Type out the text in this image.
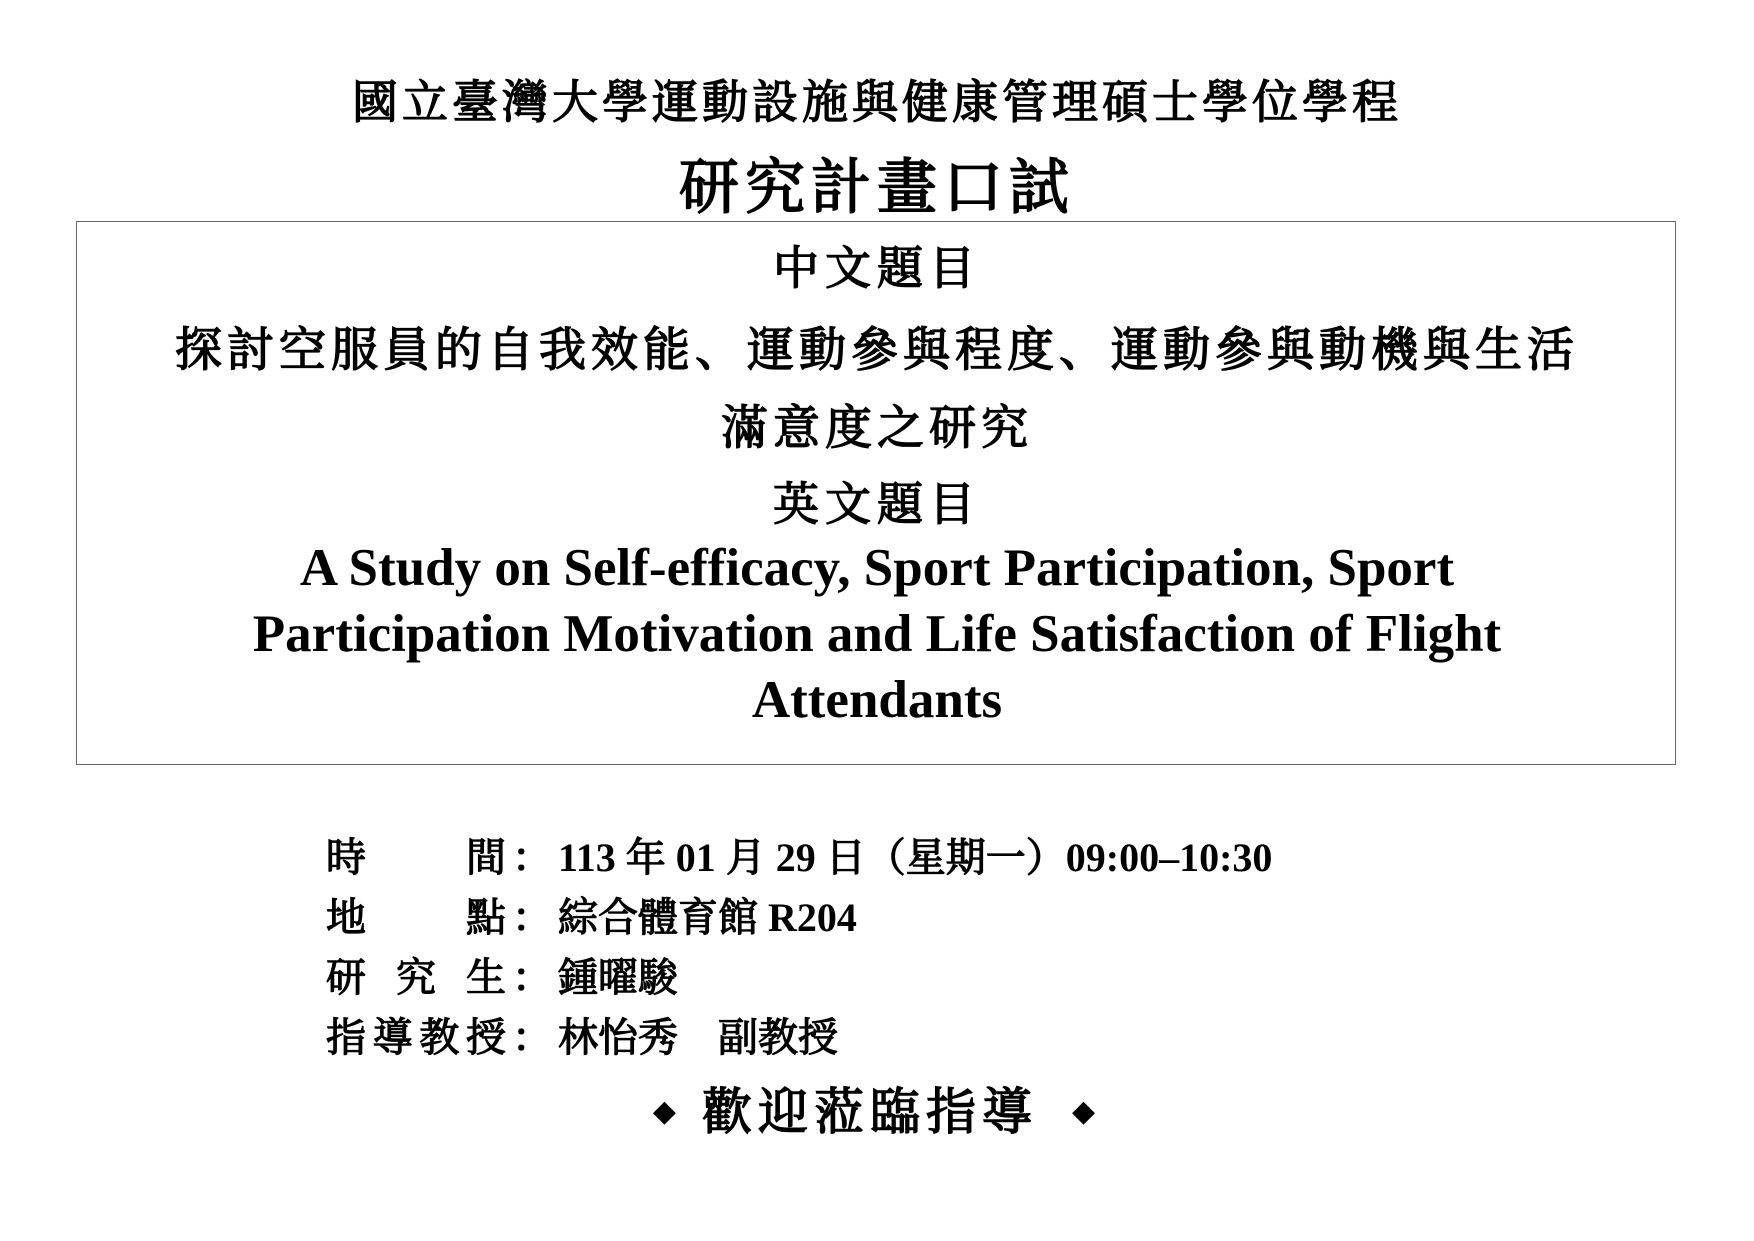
國立臺灣大學運動設施與健康管理碩士學位學程
研究計畫口試
中文題目
探討空服員的自我效能、運動參與程度、運動參與動機與生活
滿意度之研究
英文題目
A Study on Self-efficacy, Sport Participation, Sport
Participation Motivation and Life Satisfaction of Flight
Attendants
時　　間 ： 113 年 01 月 29 日（星期一）09:00–10:30
地　　點 ： 綜合體育館 R204
研 究 生 ： 鍾曜駿
指導教授 ： 林怡秀　副教授
◆ 歡迎蒞臨指導 ◆
